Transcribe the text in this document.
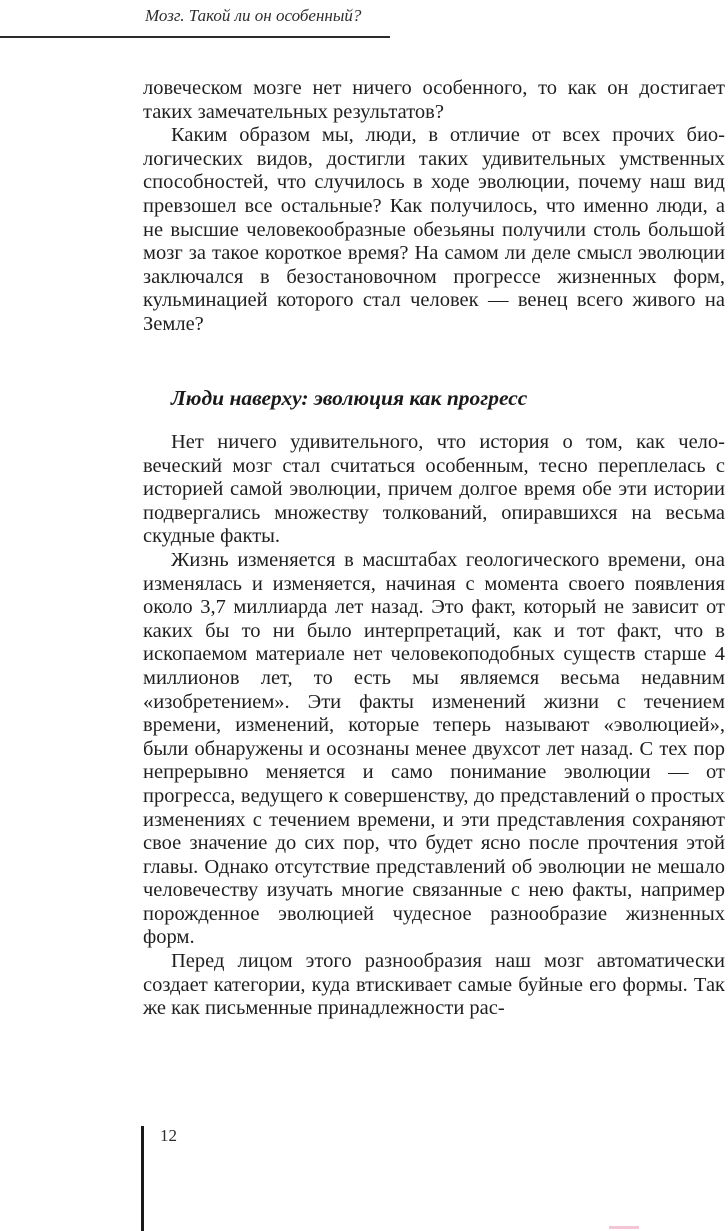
Мозг. Такой ли он особенный?

ловеческом мозге нет ничего особенного, то как он достигает таких замечательных результатов?

Каким образом мы, люди, в отличие от всех прочих биологических видов, достигли таких удивительных умственных способностей, что случилось в ходе эволюции, почему наш вид превзошел все остальные? Как получилось, что именно люди, а не высшие человекообразные обезьяны получили столь большой мозг за такое короткое время? На самом ли деле смысл эволюции заключался в безостановочном прогрессе жизненных форм, кульминацией которого стал человек — венец всего живого на Земле?

Люди наверху: эволюция как прогресс

Нет ничего удивительного, что история о том, как человеческий мозг стал считаться особенным, тесно переплелась с историей самой эволюции, причем долгое время обе эти истории подвергались множеству толкований, опиравшихся на весьма скудные факты.

Жизнь изменяется в масштабах геологического времени, она изменялась и изменяется, начиная с момента своего появления около 3,7 миллиарда лет назад. Это факт, который не зависит от каких бы то ни было интерпретаций, как и тот факт, что в ископаемом материале нет человекоподобных существ старше 4 миллионов лет, то есть мы являемся весьма недавним «изобретением». Эти факты изменений жизни с течением времени, изменений, которые теперь называют «эволюцией», были обнаружены и осознаны менее двухсот лет назад. С тех пор непрерывно меняется и само понимание эволюции — от прогресса, ведущего к совершенству, до представлений о простых изменениях с течением времени, и эти представления сохраняют свое значение до сих пор, что будет ясно после прочтения этой главы. Однако отсутствие представлений об эволюции не мешало человечеству изучать многие связанные с нею факты, например порожденное эволюцией чудесное разнообразие жизненных форм.

Перед лицом этого разнообразия наш мозг автоматически создает категории, куда втискивает самые буйные его формы. Так же как письменные принадлежности рас-

12
